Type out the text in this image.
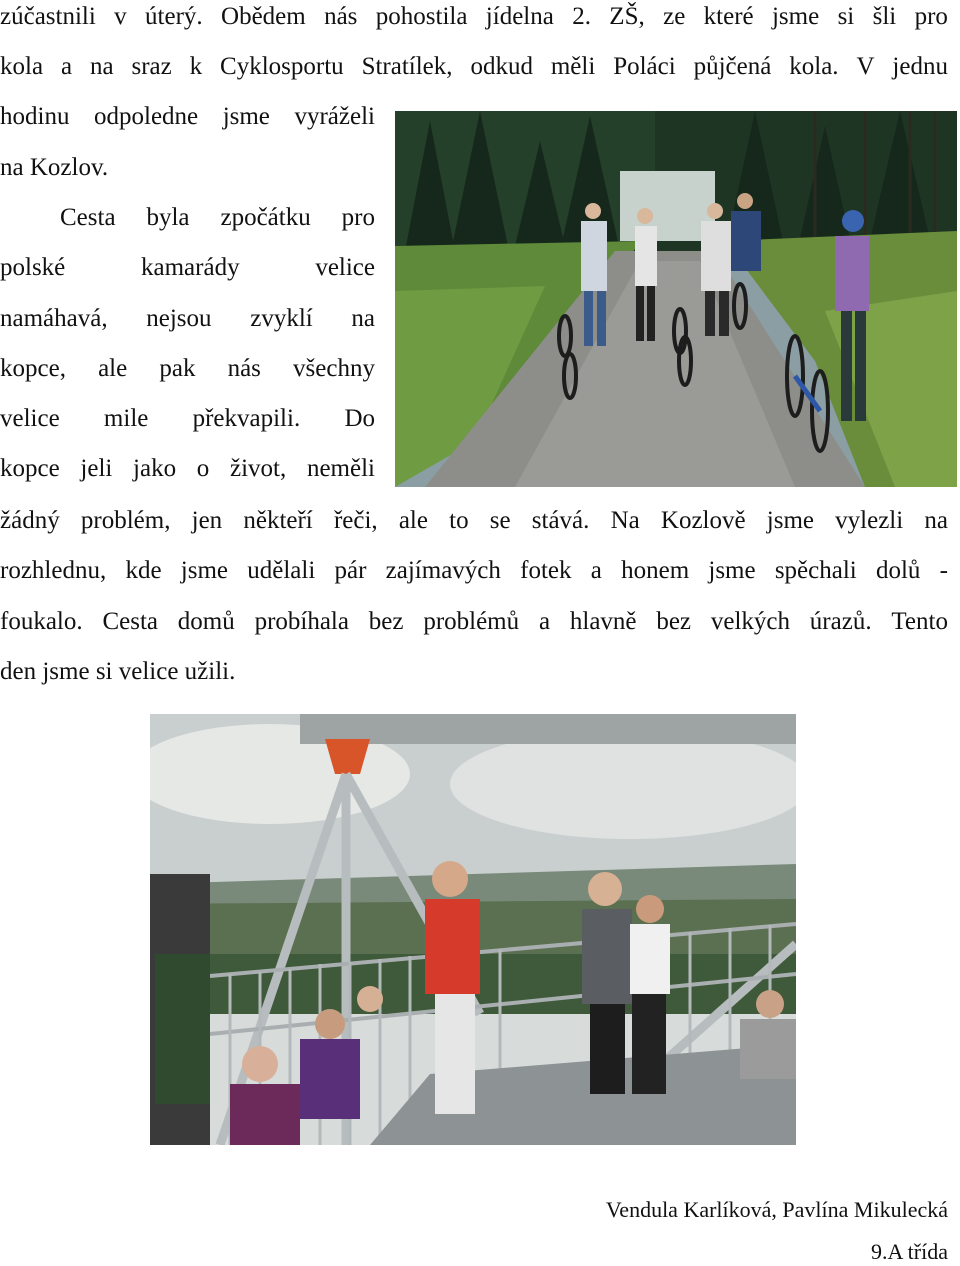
zúčastnili v úterý. Obědem nás pohostila jídelna 2. ZŠ, ze které jsme si šli pro
kola a na sraz k Cyklosportu Stratílek, odkud měli Poláci půjčená kola. V jednu
hodinu odpoledne jsme vyráželi
na Kozlov.
Cesta byla zpočátku pro
polské	kamarády	velice
namáhavá, nejsou zvyklí na
kopce, ale pak nás všechny
velice mile překvapili. Do
kopce jeli jako o život, neměli
žádný problém, jen někteří řeči, ale to se stává. Na Kozlově jsme vylezli na
rozhlednu, kde jsme udělali pár zajímavých fotek a honem jsme spěchali dolů -
foukalo. Cesta domů probíhala bez problémů a hlavně bez velkých úrazů. Tento
den jsme si velice užili.
Vendula Karlíková, Pavlína Mikulecká
9.A třída
